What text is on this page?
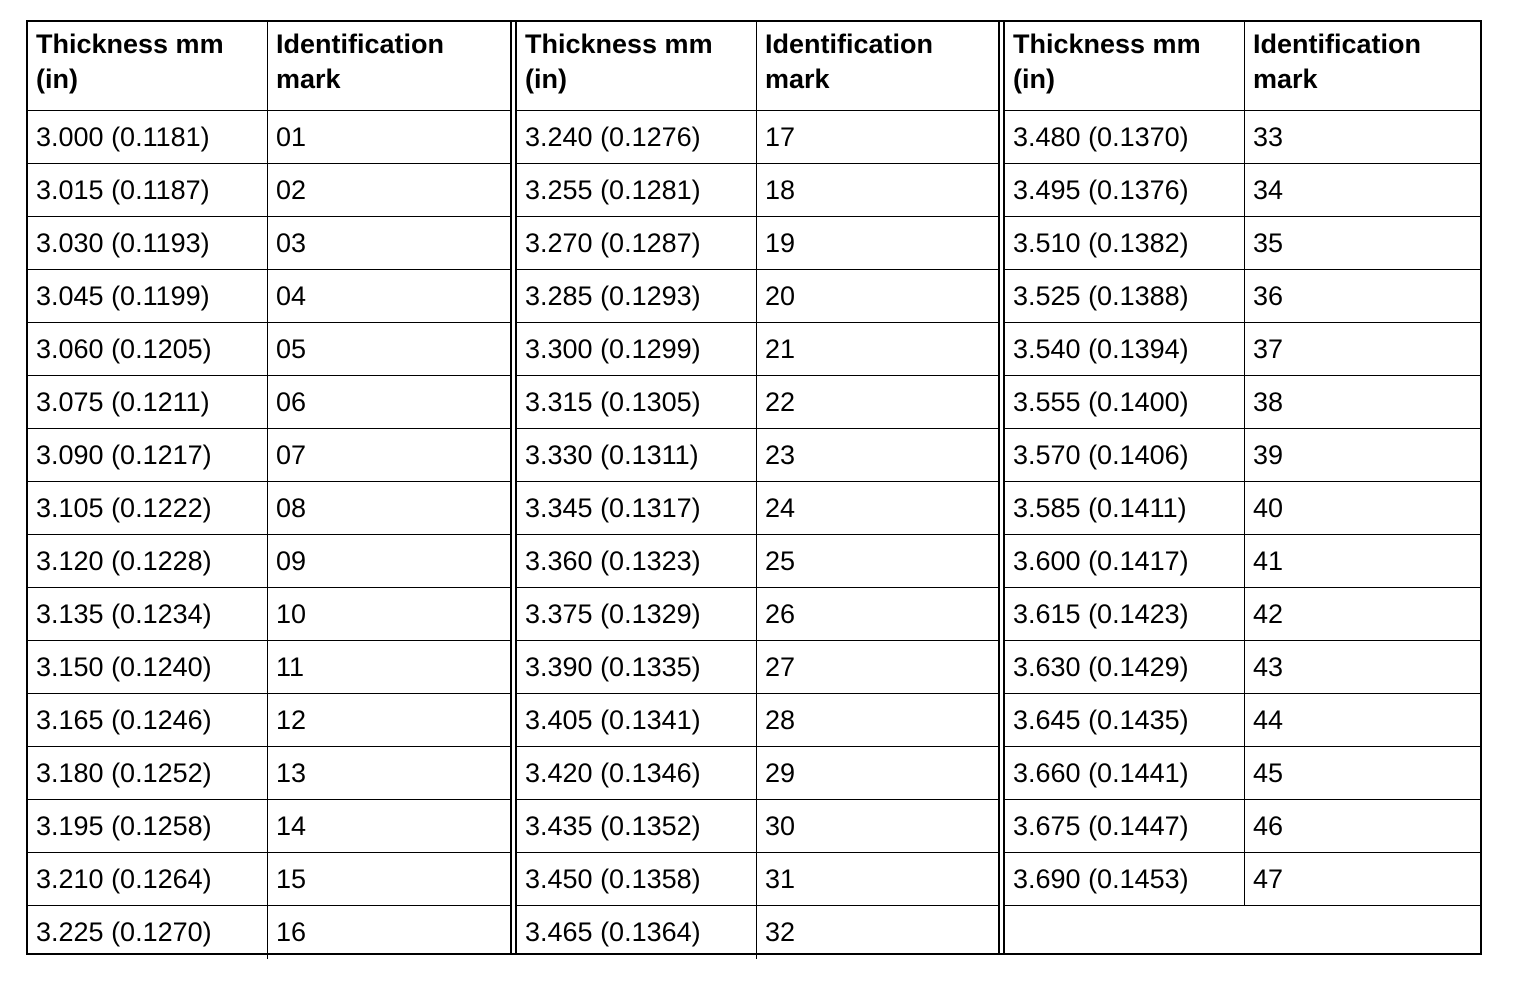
Thickness mm
(in)
Identification
mark
3.000 (0.1181)	01
3.015 (0.1187)	02
3.030 (0.1193)	03
3.045 (0.1199)	04
3.060 (0.1205)	05
3.075 (0.1211)	06
3.090 (0.1217)	07
3.105 (0.1222)	08
3.120 (0.1228)	09
3.135 (0.1234)	10
3.150 (0.1240)	11
3.165 (0.1246)	12
3.180 (0.1252)	13
3.195 (0.1258)	14
3.210 (0.1264)	15
3.225 (0.1270)	16
Thickness mm
(in)
Identification
mark
3.240 (0.1276)	17
3.255 (0.1281)	18
3.270 (0.1287)	19
3.285 (0.1293)	20
3.300 (0.1299)	21
3.315 (0.1305)	22
3.330 (0.1311)	23
3.345 (0.1317)	24
3.360 (0.1323)	25
3.375 (0.1329)	26
3.390 (0.1335)	27
3.405 (0.1341)	28
3.420 (0.1346)	29
3.435 (0.1352)	30
3.450 (0.1358)	31
3.465 (0.1364)	32
Thickness mm
(in)
Identification
mark
3.480 (0.1370)	33
3.495 (0.1376)	34
3.510 (0.1382)	35
3.525 (0.1388)	36
3.540 (0.1394)	37
3.555 (0.1400)	38
3.570 (0.1406)	39
3.585 (0.1411)	40
3.600 (0.1417)	41
3.615 (0.1423)	42
3.630 (0.1429)	43
3.645 (0.1435)	44
3.660 (0.1441)	45
3.675 (0.1447)	46
3.690 (0.1453)	47
